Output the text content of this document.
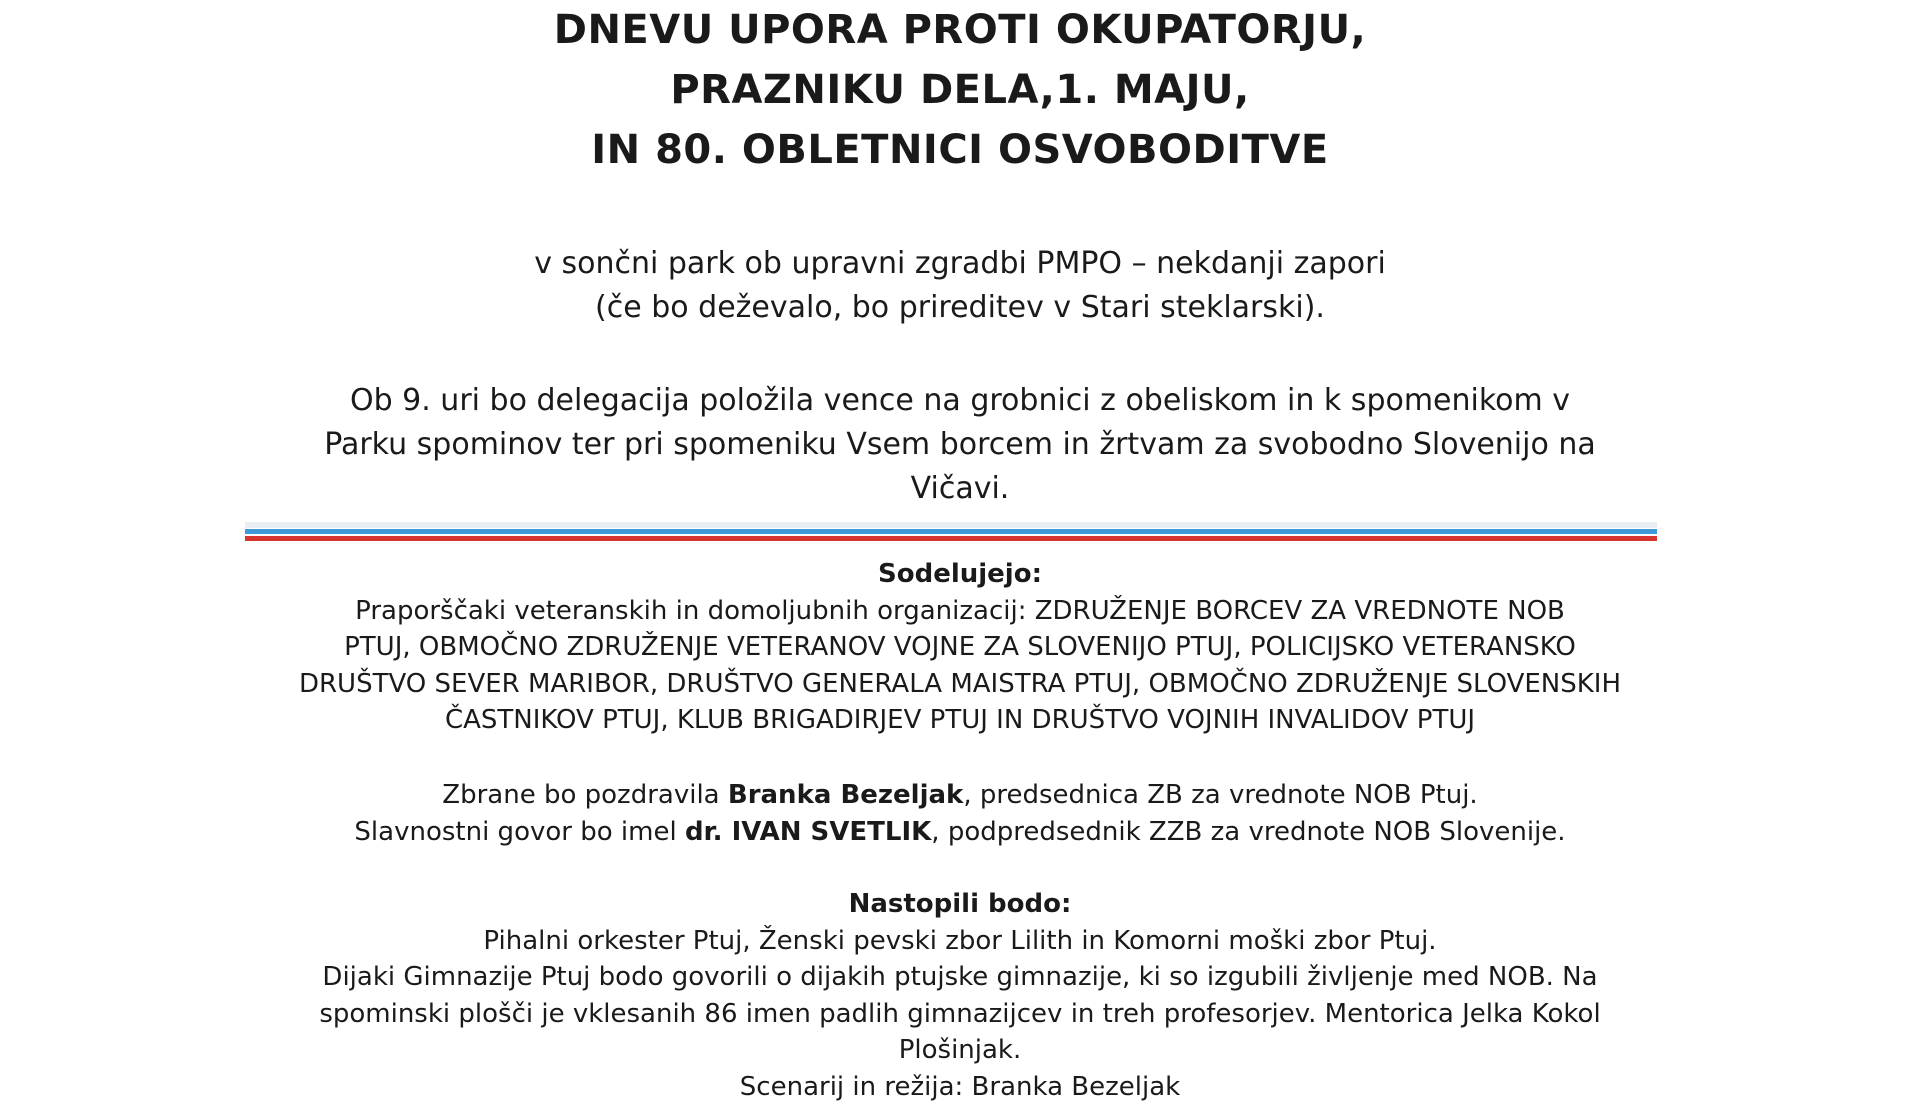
DNEVU UPORA PROTI OKUPATORJU,
PRAZNIKU DELA,1. MAJU,
IN 80. OBLETNICI OSVOBODITVE
v sončni park ob upravni zgradbi PMPO – nekdanji zapori
(če bo deževalo, bo prireditev v Stari steklarski).
Ob 9. uri bo delegacija položila vence na grobnici z obeliskom in k spomenikom v
Parku spominov ter pri spomeniku Vsem borcem in žrtvam za svobodno Slovenijo na
Vičavi.
Sodelujejo:
Praporščaki veteranskih in domoljubnih organizacij: ZDRUŽENJE BORCEV ZA VREDNOTE NOB
PTUJ, OBMOČNO ZDRUŽENJE VETERANOV VOJNE ZA SLOVENIJO PTUJ, POLICIJSKO VETERANSKO
DRUŠTVO SEVER MARIBOR, DRUŠTVO GENERALA MAISTRA PTUJ, OBMOČNO ZDRUŽENJE SLOVENSKIH
ČASTNIKOV PTUJ, KLUB BRIGADIRJEV PTUJ IN DRUŠTVO VOJNIH INVALIDOV PTUJ
Zbrane bo pozdravila Branka Bezeljak, predsednica ZB za vrednote NOB Ptuj.
Slavnostni govor bo imel dr. IVAN SVETLIK, podpredsednik ZZB za vrednote NOB Slovenije.
Nastopili bodo:
Pihalni orkester Ptuj, Ženski pevski zbor Lilith in Komorni moški zbor Ptuj.
Dijaki Gimnazije Ptuj bodo govorili o dijakih ptujske gimnazije, ki so izgubili življenje med NOB. Na
spominski plošči je vklesanih 86 imen padlih gimnazijcev in treh profesorjev. Mentorica Jelka Kokol
Plošinjak.
Scenarij in režija: Branka Bezeljak
